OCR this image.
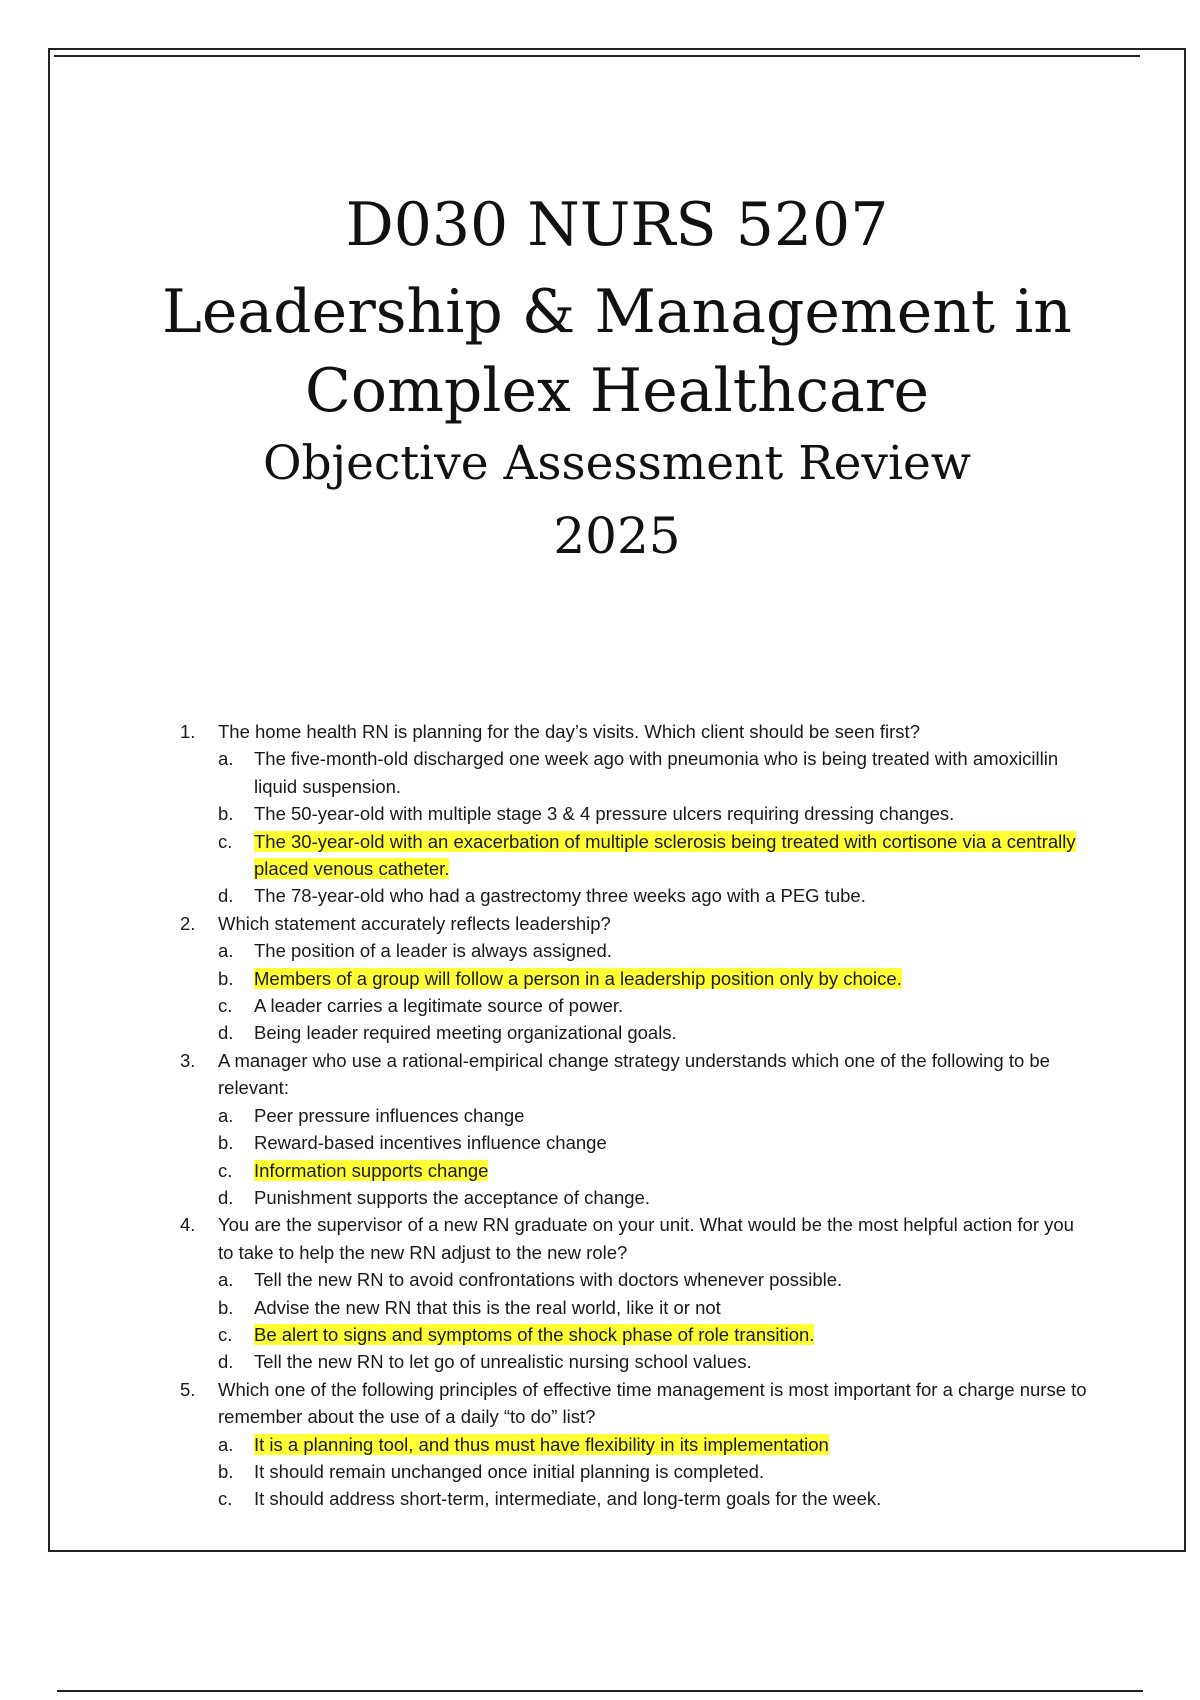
D030 NURS 5207
Leadership & Management in
Complex Healthcare
Objective Assessment Review
2025
1. The home health RN is planning for the day’s visits. Which client should be seen first?
a. The five-month-old discharged one week ago with pneumonia who is being treated with amoxicillin liquid suspension.
b. The 50-year-old with multiple stage 3 & 4 pressure ulcers requiring dressing changes.
c. The 30-year-old with an exacerbation of multiple sclerosis being treated with cortisone via a centrally placed venous catheter.
d. The 78-year-old who had a gastrectomy three weeks ago with a PEG tube.
2. Which statement accurately reflects leadership?
a. The position of a leader is always assigned.
b. Members of a group will follow a person in a leadership position only by choice.
c. A leader carries a legitimate source of power.
d. Being leader required meeting organizational goals.
3. A manager who use a rational-empirical change strategy understands which one of the following to be relevant:
a. Peer pressure influences change
b. Reward-based incentives influence change
c. Information supports change
d. Punishment supports the acceptance of change.
4. You are the supervisor of a new RN graduate on your unit. What would be the most helpful action for you to take to help the new RN adjust to the new role?
a. Tell the new RN to avoid confrontations with doctors whenever possible.
b. Advise the new RN that this is the real world, like it or not
c. Be alert to signs and symptoms of the shock phase of role transition.
d. Tell the new RN to let go of unrealistic nursing school values.
5. Which one of the following principles of effective time management is most important for a charge nurse to remember about the use of a daily “to do” list?
a. It is a planning tool, and thus must have flexibility in its implementation
b. It should remain unchanged once initial planning is completed.
c. It should address short-term, intermediate, and long-term goals for the week.
